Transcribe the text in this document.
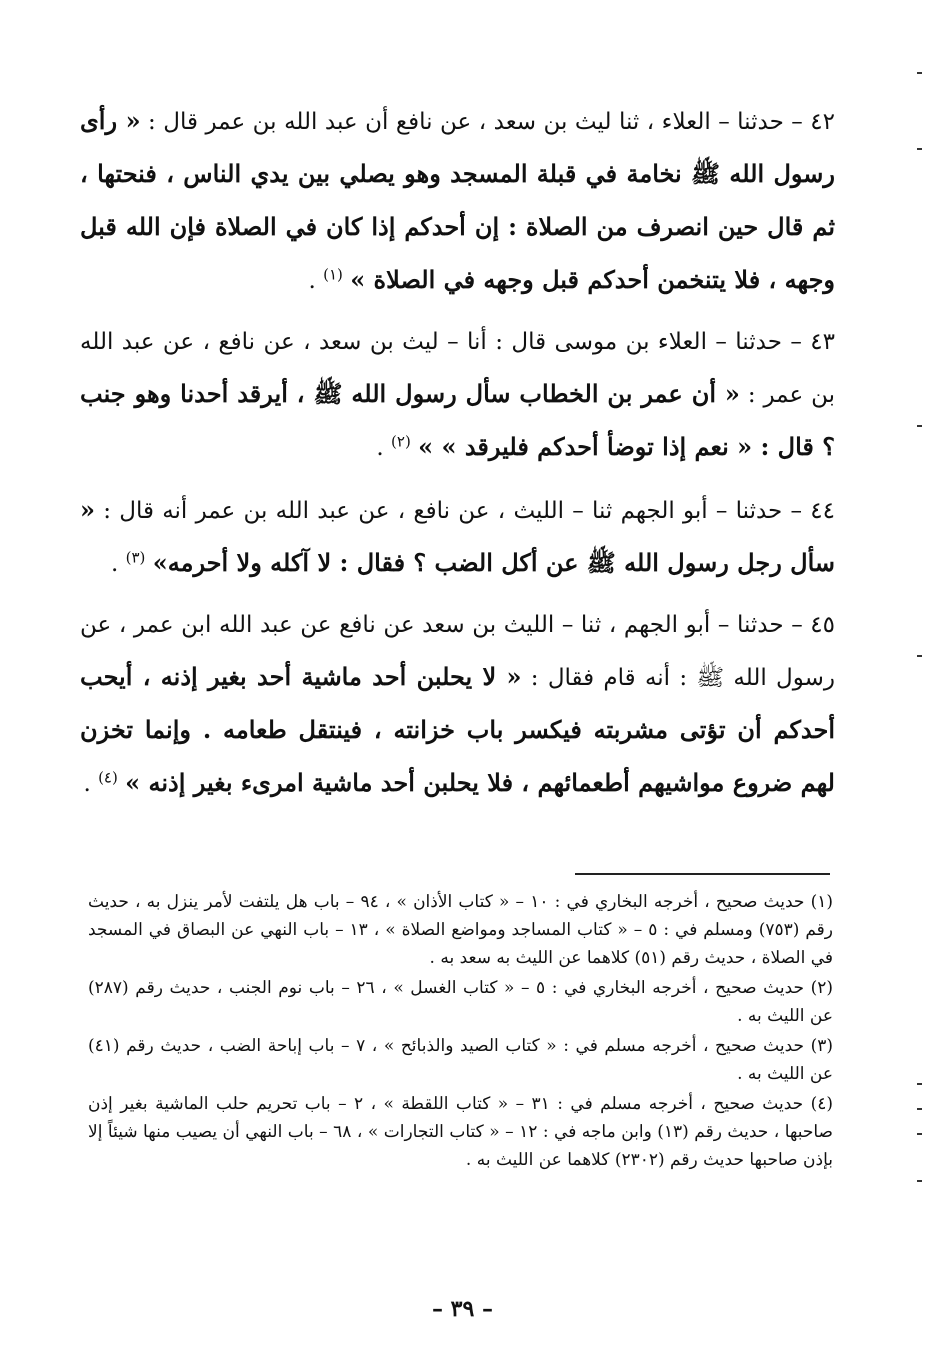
٤٢ – حدثنا – العلاء ، ثنا ليث بن سعد ، عن نافع أن عبد الله بن عمر قال : « رأى رسول الله ﷺ نخامة في قبلة المسجد وهو يصلي بين يدي الناس ، فنحتها ، ثم قال حين انصرف من الصلاة : إن أحدكم إذا كان في الصلاة فإن الله قبل وجهه ، فلا يتنخمن أحدكم قبل وجهه في الصلاة » $^{(١)}$ .

٤٣ – حدثنا – العلاء بن موسى قال : أنا – ليث بن سعد ، عن نافع ، عن عبد الله بن عمر : « أن عمر بن الخطاب سأل رسول الله ﷺ ، أيرقد أحدنا وهو جنب ؟ قال : « نعم إذا توضأ أحدكم فليرقد » » $^{(٢)}$ .

٤٤ – حدثنا – أبو الجهم ثنا – الليث ، عن نافع ، عن عبد الله بن عمر أنه قال : « سأل رجل رسول الله ﷺ عن أكل الضب ؟ فقال : لا آكله ولا أحرمه» $^{(٣)}$ .

٤٥ – حدثنا – أبو الجهم ، ثنا – الليث بن سعد عن نافع عن عبد الله ابن عمر ، عن رسول الله ﷺ : أنه قام فقال : « لا يحلبن أحد ماشية أحد بغير إذنه ، أيحب أحدكم أن تؤتى مشربته فيكسر باب خزانته ، فينتقل طعامه . وإنما تخزن لهم ضروع مواشيهم أطعمائهم ، فلا يحلبن أحد ماشية امرىء بغير إذنه » $^{(٤)}$ .

(١) حديث صحيح ، أخرجه البخاري في : ١٠ – « كتاب الأذان » ، ٩٤ – باب هل يلتفت لأمر ينزل به ، حديث رقم (٧٥٣) ومسلم في : ٥ – « كتاب المساجد ومواضع الصلاة » ، ١٣ – باب النهي عن البصاق في المسجد في الصلاة ، حديث رقم (٥١) كلاهما عن الليث به سعد به .

(٢) حديث صحيح ، أخرجه البخاري في : ٥ – « كتاب الغسل » ، ٢٦ – باب نوم الجنب ، حديث رقم (٢٨٧) عن الليث به .

(٣) حديث صحيح ، أخرجه مسلم في : « كتاب الصيد والذبائح » ، ٧ – باب إباحة الضب ، حديث رقم (٤١) عن الليث به .

(٤) حديث صحيح ، أخرجه مسلم في : ٣١ – « كتاب اللقطة » ، ٢ – باب تحريم حلب الماشية بغير إذن صاحبها ، حديث رقم (١٣) وابن ماجه في : ١٢ – « كتاب التجارات » ، ٦٨ – باب النهي أن يصيب منها شيئاً إلا بإذن صاحبها حديث رقم (٢٣٠٢) كلاهما عن الليث به .

– ٣٩ –
